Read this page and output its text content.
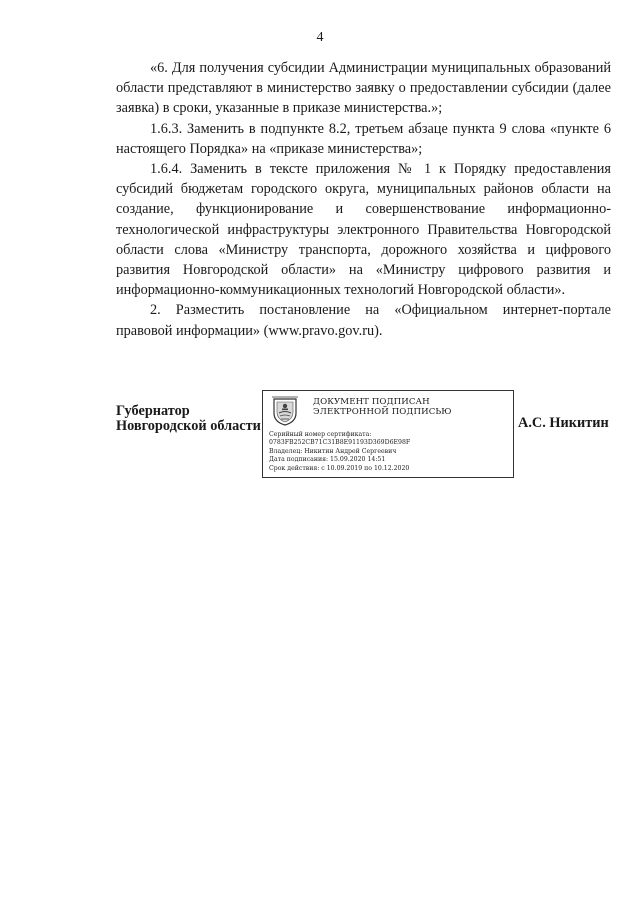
4

«6. Для получения субсидии Администрации муниципальных образований области представляют в министерство заявку о предоставлении субсидии (далее заявка) в сроки, указанные в приказе министерства.»;

1.6.3. Заменить в подпункте 8.2, третьем абзаце пункта 9 слова «пункте 6 настоящего Порядка» на «приказе министерства»;

1.6.4. Заменить в тексте приложения № 1 к Порядку предоставления субсидий бюджетам городского округа, муниципальных районов области на создание, функционирование и совершенствование информационно-технологической инфраструктуры электронного Правительства Новгородской области слова «Министру транспорта, дорожного хозяйства и цифрового развития Новгородской области» на «Министру цифрового развития и информационно-коммуникационных технологий Новгородской области».

2. Разместить постановление на «Официальном интернет-портале правовой информации» (www.pravo.gov.ru).

Губернатор
Новгородской области
ДОКУМЕНТ ПОДПИСАН
ЭЛЕКТРОННОЙ ПОДПИСЬЮ
Серийный номер сертификата:
0783FB252CB71C31B8E91193D369D6E98F
Владелец: Никитин Андрей Сергеевич
Дата подписания: 15.09.2020 14:51
Срок действия: с 10.09.2019 по 10.12.2020
А.С. Никитин
